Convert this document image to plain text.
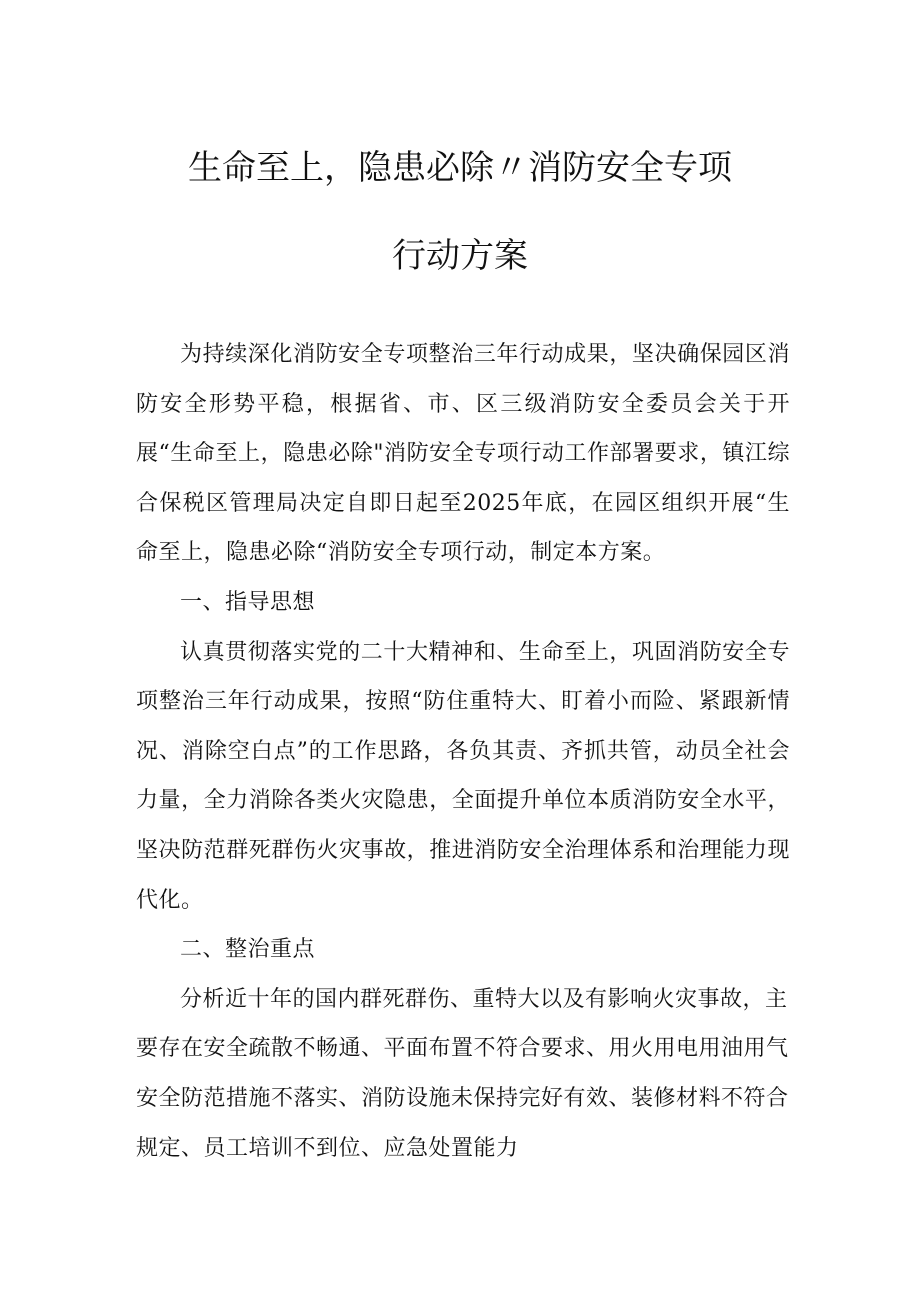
生命至上，隐患必除〃消防安全专项
行动方案

为持续深化消防安全专项整治三年行动成果，坚决确保园区消防安全形势平稳，根据省、市、区三级消防安全委员会关于开展“生命至上，隐患必除"消防安全专项行动工作部署要求，镇江综合保税区管理局决定自即日起至2025年底，在园区组织开展“生命至上，隐患必除“消防安全专项行动，制定本方案。

一、指导思想

认真贯彻落实党的二十大精神和、生命至上，巩固消防安全专项整治三年行动成果，按照“防住重特大、盯着小而险、紧跟新情况、消除空白点”的工作思路，各负其责、齐抓共管，动员全社会力量，全力消除各类火灾隐患，全面提升单位本质消防安全水平，坚决防范群死群伤火灾事故，推进消防安全治理体系和治理能力现代化。

二、整治重点

分析近十年的国内群死群伤、重特大以及有影响火灾事故，主要存在安全疏散不畅通、平面布置不符合要求、用火用电用油用气安全防范措施不落实、消防设施未保持完好有效、装修材料不符合规定、员工培训不到位、应急处置能力
